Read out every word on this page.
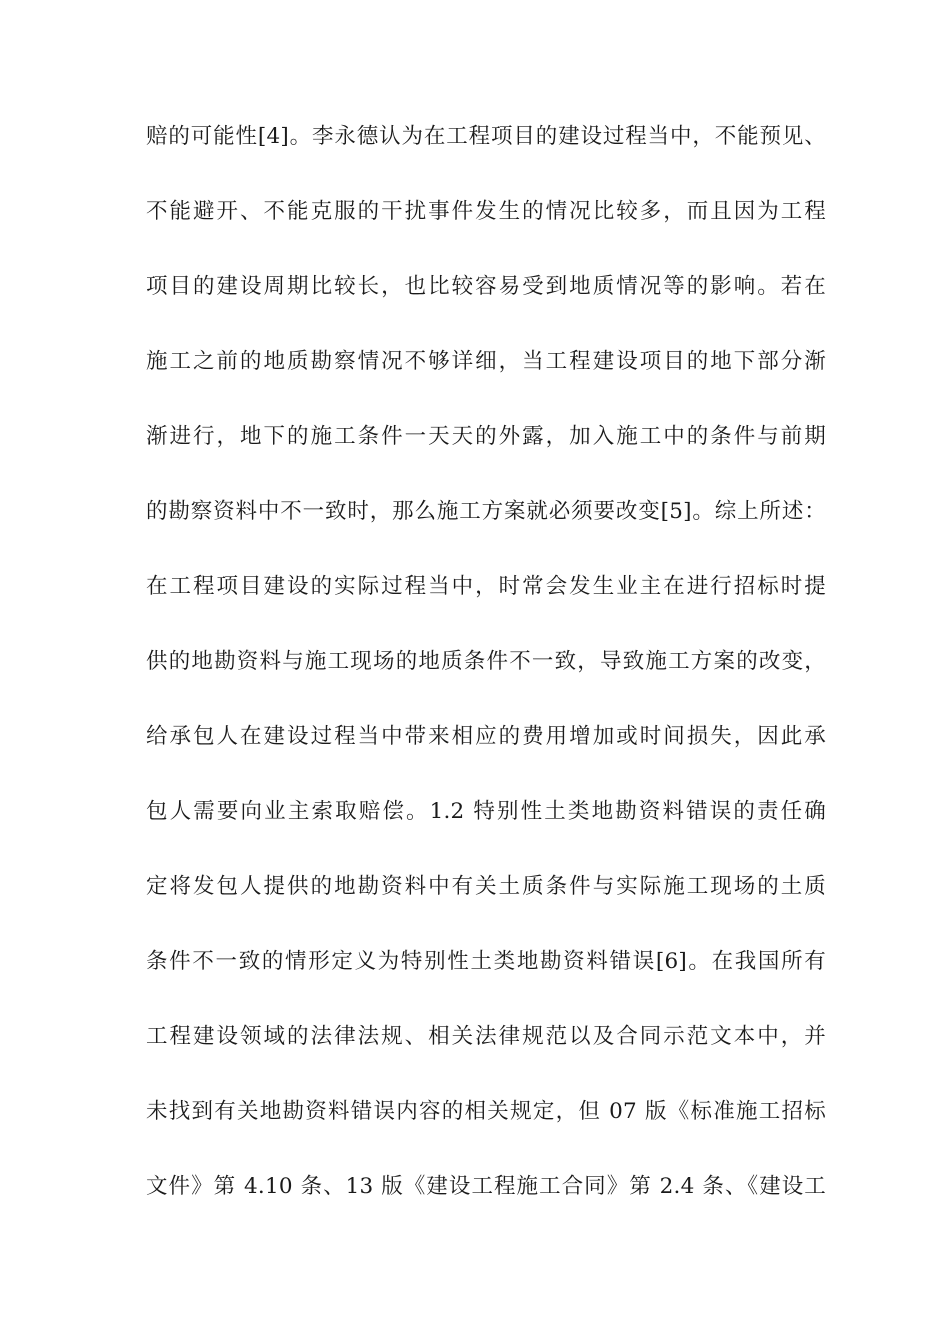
赔的可能性[4]。李永德认为在工程项目的建设过程当中，不能预见、
不能避开、不能克服的干扰事件发生的情况比较多，而且因为工程
项目的建设周期比较长，也比较容易受到地质情况等的影响。若在
施工之前的地质勘察情况不够详细，当工程建设项目的地下部分渐
渐进行，地下的施工条件一天天的外露，加入施工中的条件与前期
的勘察资料中不一致时，那么施工方案就必须要改变[5]。综上所述：
在工程项目建设的实际过程当中，时常会发生业主在进行招标时提
供的地勘资料与施工现场的地质条件不一致，导致施工方案的改变，
给承包人在建设过程当中带来相应的费用增加或时间损失，因此承
包人需要向业主索取赔偿。1.2 特别性土类地勘资料错误的责任确
定将发包人提供的地勘资料中有关土质条件与实际施工现场的土质
条件不一致的情形定义为特别性土类地勘资料错误[6]。在我国所有
工程建设领域的法律法规、相关法律规范以及合同示范文本中，并
未找到有关地勘资料错误内容的相关规定，但 07 版《标准施工招标
文件》第 4.10 条、13 版《建设工程施工合同》第 2.4 条、《建设工
